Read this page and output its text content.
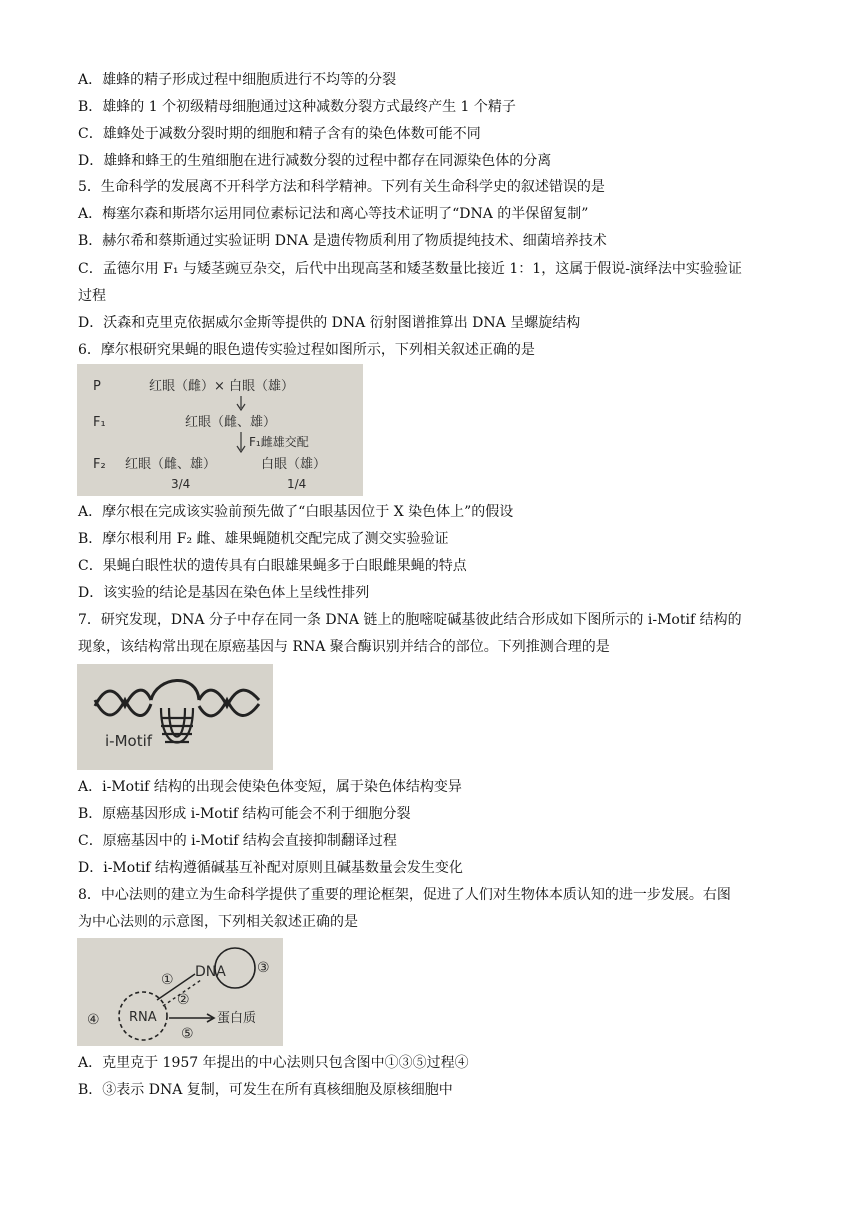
A．雄蜂的精子形成过程中细胞质进行不均等的分裂
B．雄蜂的 1 个初级精母细胞通过这种减数分裂方式最终产生 1 个精子
C．雄蜂处于减数分裂时期的细胞和精子含有的染色体数可能不同
D．雄蜂和蜂王的生殖细胞在进行减数分裂的过程中都存在同源染色体的分离
5．生命科学的发展离不开科学方法和科学精神。下列有关生命科学史的叙述错误的是
A．梅塞尔森和斯塔尔运用同位素标记法和离心等技术证明了“DNA 的半保留复制”
B．赫尔希和蔡斯通过实验证明 DNA 是遗传物质利用了物质提纯技术、细菌培养技术
C．孟德尔用 F₁ 与矮茎豌豆杂交，后代中出现高茎和矮茎数量比接近 1：1，这属于假说-演绎法中实验验证
过程
D．沃森和克里克依据威尔金斯等提供的 DNA 衍射图谱推算出 DNA 呈螺旋结构
6．摩尔根研究果蝇的眼色遗传实验过程如图所示，下列相关叙述正确的是
A．摩尔根在完成该实验前预先做了“白眼基因位于 X 染色体上”的假设
B．摩尔根利用 F₂ 雌、雄果蝇随机交配完成了测交实验验证
C．果蝇白眼性状的遗传具有白眼雄果蝇多于白眼雌果蝇的特点
D．该实验的结论是基因在染色体上呈线性排列
7．研究发现，DNA 分子中存在同一条 DNA 链上的胞嘧啶碱基彼此结合形成如下图所示的 i-Motif 结构的
现象，该结构常出现在原癌基因与 RNA 聚合酶识别并结合的部位。下列推测合理的是
A．i-Motif 结构的出现会使染色体变短，属于染色体结构变异
B．原癌基因形成 i-Motif 结构可能会不利于细胞分裂
C．原癌基因中的 i-Motif 结构会直接抑制翻译过程
D．i-Motif 结构遵循碱基互补配对原则且碱基数量会发生变化
8．中心法则的建立为生命科学提供了重要的理论框架，促进了人们对生物体本质认知的进一步发展。右图
为中心法则的示意图，下列相关叙述正确的是
A．克里克于 1957 年提出的中心法则只包含图中①③⑤过程④
B．③表示 DNA 复制，可发生在所有真核细胞及原核细胞中
P	红眼（雌）× 白眼（雄）
F₁	红眼（雌、雄）
F₁雌雄交配
F₂ 红眼（雌、雄）	白眼（雄）
3/4	1/4
i-Motif
DNA ③
RNA
④
①
②
蛋白质
⑤
